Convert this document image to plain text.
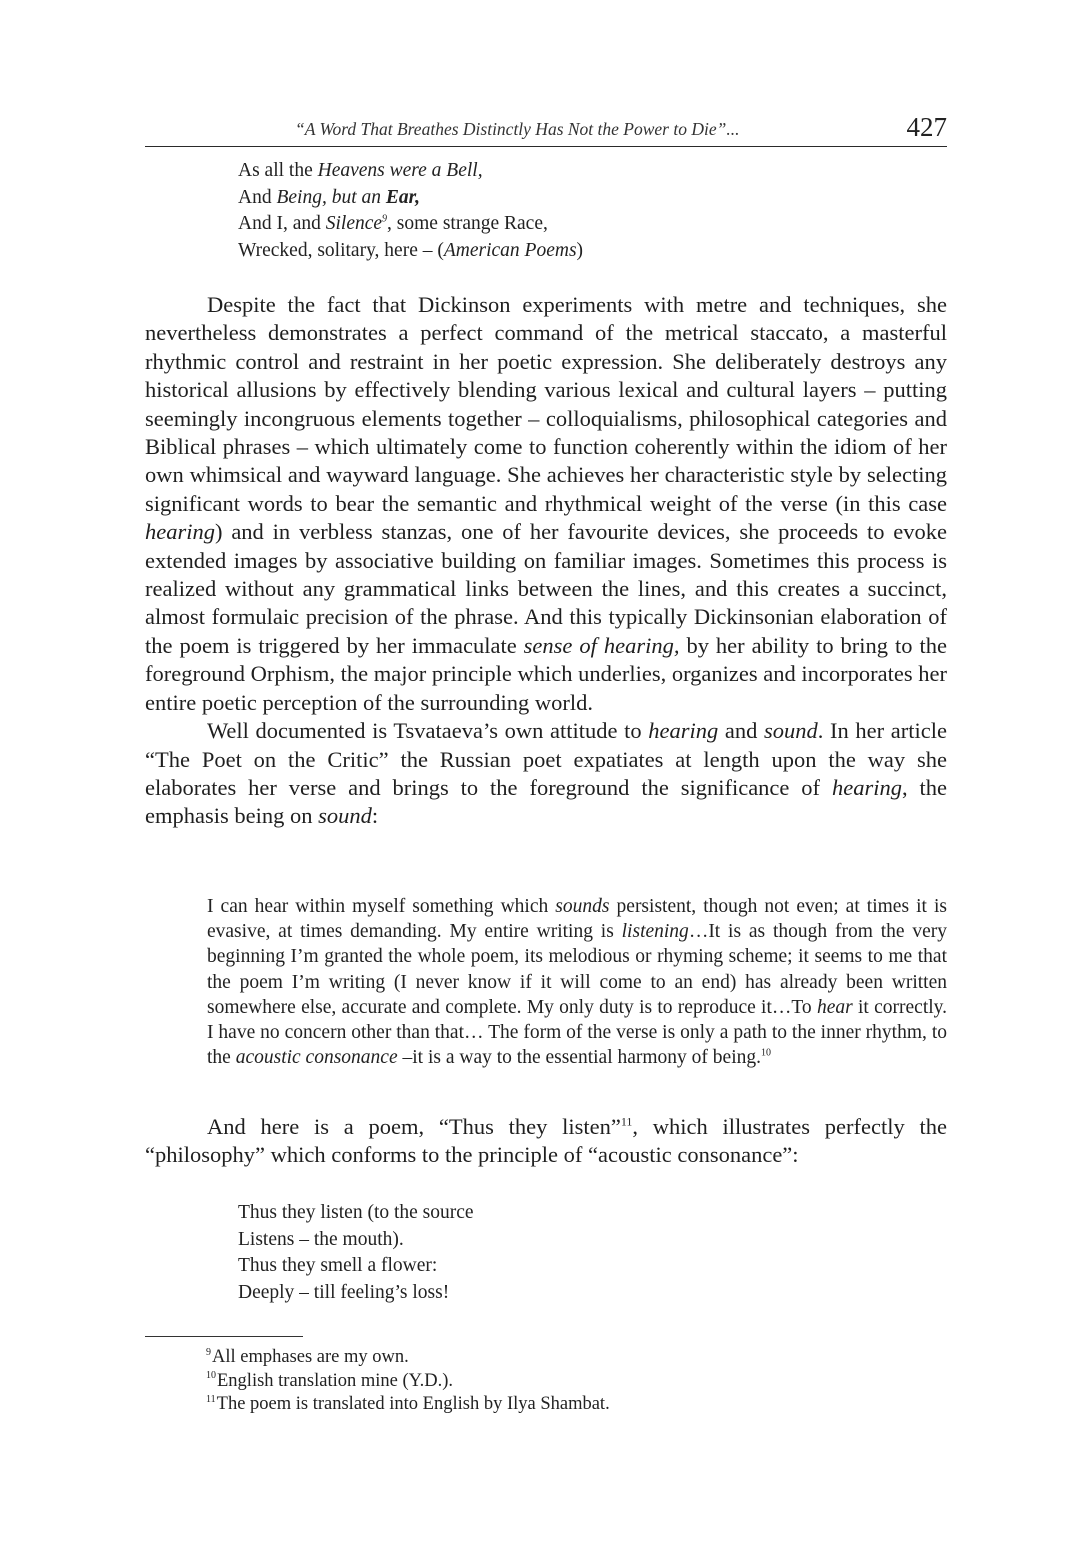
“A Word That Breathes Distinctly Has Not the Power to Die”...	427
As all the Heavens were a Bell,
And Being, but an Ear,
And I, and Silence$^9$, some strange Race,
Wrecked, solitary, here – (American Poems)

Despite the fact that Dickinson experiments with metre and techniques, she nevertheless demonstrates a perfect command of the metrical staccato, a masterful rhythmic control and restraint in her poetic expression. She deliberately destroys any historical allusions by effectively blending various lexical and cultural layers – putting seemingly incongruous elements together – colloquialisms, philosophical categories and Biblical phrases – which ultimately come to function coherently within the idiom of her own whimsical and wayward language. She achieves her characteristic style by selecting significant words to bear the semantic and rhythmical weight of the verse (in this case hearing) and in verbless stanzas, one of her favourite devices, she proceeds to evoke extended images by associative building on familiar images. Sometimes this process is realized without any grammatical links between the lines, and this creates a succinct, almost formulaic precision of the phrase. And this typically Dickinsonian elaboration of the poem is triggered by her immaculate sense of hearing, by her ability to bring to the foreground Orphism, the major principle which underlies, organizes and incorporates her entire poetic perception of the surrounding world.

Well documented is Tsvataeva’s own attitude to hearing and sound. In her article “The Poet on the Critic” the Russian poet expatiates at length upon the way she elaborates her verse and brings to the foreground the significance of hearing, the emphasis being on sound:

I can hear within myself something which sounds persistent, though not even; at times it is evasive, at times demanding. My entire writing is listening…It is as though from the very beginning I’m granted the whole poem, its melodious or rhyming scheme; it seems to me that the poem I’m writing (I never know if it will come to an end) has already been written somewhere else, accurate and complete. My only duty is to reproduce it…To hear it correctly. I have no concern other than that… The form of the verse is only a path to the inner rhythm, to the acoustic consonance –it is a way to the essential harmony of being.$^{10}$

And here is a poem, “Thus they listen”$^{11}$, which illustrates perfectly the “philosophy” which conforms to the principle of “acoustic consonance”:

Thus they listen (to the source
Listens – the mouth).
Thus they smell a flower:
Deeply – till feeling’s loss!
$^9$All emphases are my own.
$^{10}$English translation mine (Y.D.).
$^{11}$The poem is translated into English by Ilya Shambat.
